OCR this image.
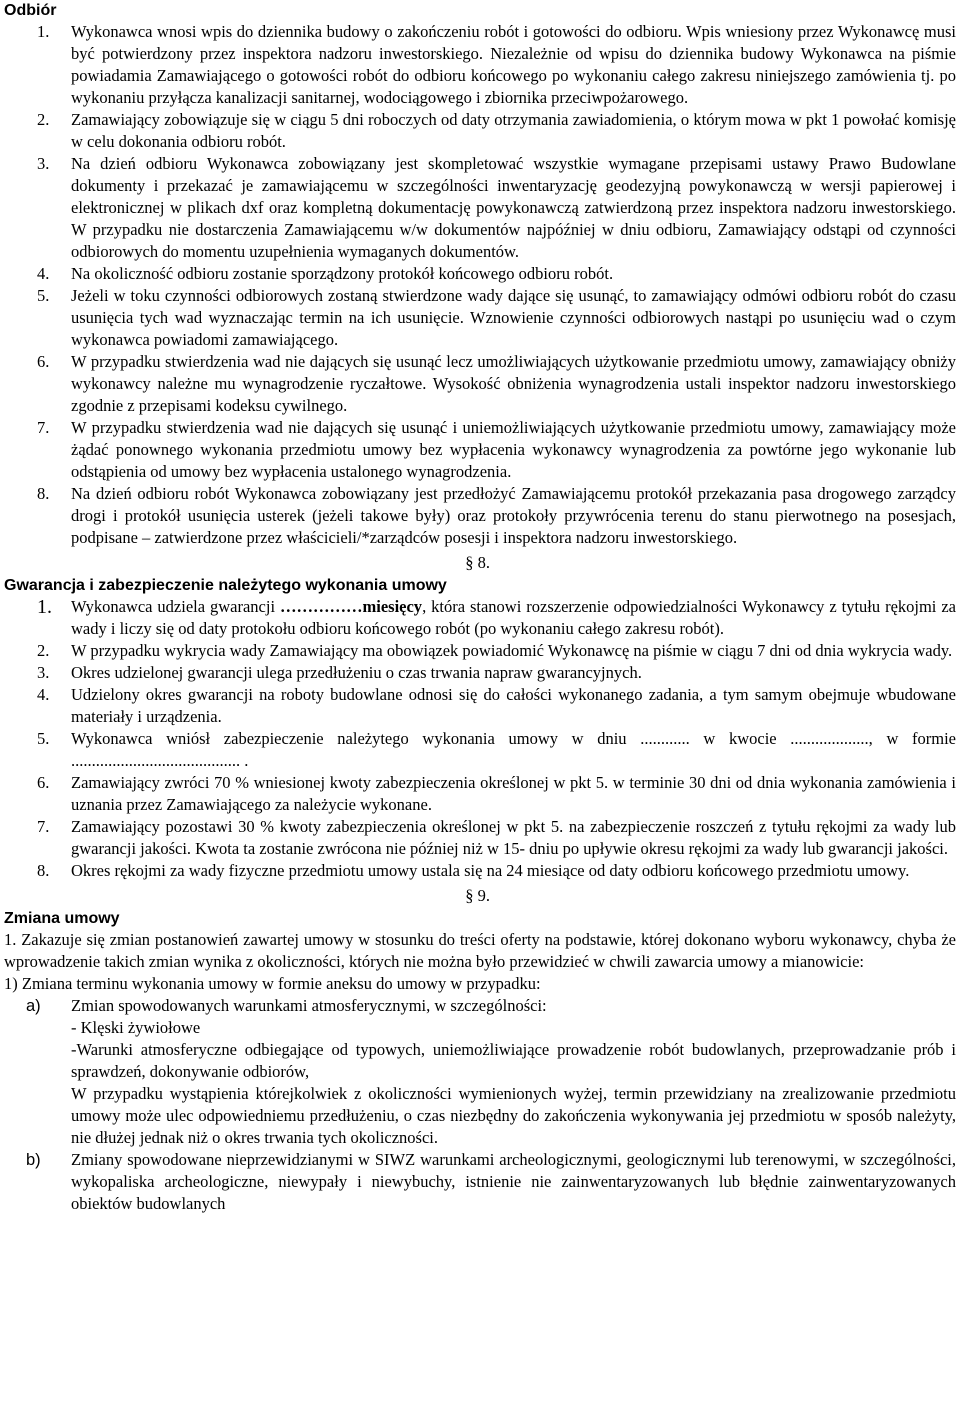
Odbiór
1.	Wykonawca wnosi wpis do dziennika budowy o zakończeniu robót i gotowości do odbioru. Wpis wniesiony przez Wykonawcę musi być potwierdzony przez inspektora nadzoru inwestorskiego. Niezależnie od wpisu do dziennika budowy Wykonawca na piśmie powiadamia Zamawiającego o gotowości robót do odbioru końcowego po wykonaniu całego zakresu niniejszego zamówienia tj. po wykonaniu przyłącza kanalizacji sanitarnej, wodociągowego i zbiornika przeciwpożarowego.
2.	Zamawiający zobowiązuje się w ciągu 5 dni roboczych od daty otrzymania zawiadomienia, o którym mowa w pkt 1 powołać komisję w celu dokonania odbioru robót.
3.	Na dzień odbioru Wykonawca zobowiązany jest skompletować wszystkie wymagane przepisami ustawy Prawo Budowlane dokumenty i przekazać je zamawiającemu w szczególności inwentaryzację geodezyjną powykonawczą w wersji papierowej i elektronicznej w plikach dxf oraz kompletną dokumentację powykonawczą zatwierdzoną przez inspektora nadzoru inwestorskiego. W przypadku nie dostarczenia Zamawiającemu w/w dokumentów najpóźniej w dniu odbioru, Zamawiający odstąpi od czynności odbiorowych do momentu uzupełnienia wymaganych dokumentów.
4.	Na okoliczność odbioru zostanie sporządzony protokół końcowego odbioru robót.
5.	Jeżeli w toku czynności odbiorowych zostaną stwierdzone wady dające się usunąć, to zamawiający odmówi odbioru robót do czasu usunięcia tych wad wyznaczając termin na ich usunięcie. Wznowienie czynności odbiorowych nastąpi po usunięciu wad o czym wykonawca powiadomi zamawiającego.
6.	W przypadku stwierdzenia wad nie dających się usunąć lecz umożliwiających użytkowanie przedmiotu umowy, zamawiający obniży wykonawcy należne mu wynagrodzenie ryczałtowe. Wysokość obniżenia wynagrodzenia ustali inspektor nadzoru inwestorskiego zgodnie z przepisami kodeksu cywilnego.
7.	W przypadku stwierdzenia wad nie dających się usunąć i uniemożliwiających użytkowanie przedmiotu umowy, zamawiający może żądać ponownego wykonania przedmiotu umowy bez wypłacenia wykonawcy wynagrodzenia za powtórne jego wykonanie lub odstąpienia od umowy bez wypłacenia ustalonego wynagrodzenia.
8.	Na dzień odbioru robót Wykonawca zobowiązany jest przedłożyć Zamawiającemu protokół przekazania pasa drogowego zarządcy drogi i protokół usunięcia usterek (jeżeli takowe były) oraz protokoły przywrócenia terenu do stanu pierwotnego na posesjach, podpisane – zatwierdzone przez właścicieli/*zarządców posesji i inspektora nadzoru inwestorskiego.
§ 8.
Gwarancja i zabezpieczenie należytego wykonania umowy
1.	Wykonawca udziela gwarancji ……………miesięcy, która stanowi rozszerzenie odpowiedzialności Wykonawcy z tytułu rękojmi za wady i liczy się od daty protokołu odbioru końcowego robót (po wykonaniu całego zakresu robót).
2.	W przypadku wykrycia wady Zamawiający ma obowiązek powiadomić Wykonawcę na piśmie w ciągu 7 dni od dnia wykrycia wady.
3.	Okres udzielonej gwarancji ulega przedłużeniu o czas trwania napraw gwarancyjnych.
4.	Udzielony okres gwarancji na roboty budowlane odnosi się do całości wykonanego zadania, a tym samym obejmuje wbudowane materiały i urządzenia.
5.	Wykonawca wniósł zabezpieczenie należytego wykonania umowy w dniu ............ w kwocie ..................., w formie ......................................... .
6.	Zamawiający zwróci 70 % wniesionej kwoty zabezpieczenia określonej w pkt 5. w terminie 30 dni od dnia wykonania zamówienia i uznania przez Zamawiającego za należycie wykonane.
7.	Zamawiający pozostawi 30 % kwoty zabezpieczenia określonej w pkt 5. na zabezpieczenie roszczeń z tytułu rękojmi za wady lub gwarancji jakości. Kwota ta zostanie zwrócona nie później niż w 15- dniu po upływie okresu rękojmi za wady lub gwarancji jakości.
8.	Okres rękojmi za wady fizyczne przedmiotu umowy ustala się na 24 miesiące od daty odbioru końcowego przedmiotu umowy.
§ 9.
Zmiana umowy
1. Zakazuje się zmian postanowień zawartej umowy w stosunku do treści oferty na podstawie, której dokonano wyboru wykonawcy, chyba że wprowadzenie takich zmian wynika z okoliczności, których nie można było przewidzieć w chwili zawarcia umowy a mianowicie:
1) Zmiana terminu wykonania umowy w formie aneksu do umowy w przypadku:
a)	Zmian spowodowanych warunkami atmosferycznymi, w szczególności:
- Klęski żywiołowe
-Warunki atmosferyczne odbiegające od typowych, uniemożliwiające prowadzenie robót budowlanych, przeprowadzanie prób i sprawdzeń, dokonywanie odbiorów,
W przypadku wystąpienia którejkolwiek z okoliczności wymienionych wyżej, termin przewidziany na zrealizowanie przedmiotu umowy może ulec odpowiedniemu przedłużeniu, o czas niezbędny do zakończenia wykonywania jej przedmiotu w sposób należyty, nie dłużej jednak niż o okres trwania tych okoliczności.
b)	Zmiany spowodowane nieprzewidzianymi w SIWZ warunkami archeologicznymi, geologicznymi lub terenowymi, w szczególności, wykopaliska archeologiczne, niewypały i niewybuchy, istnienie nie zainwentaryzowanych lub błędnie zainwentaryzowanych obiektów budowlanych
